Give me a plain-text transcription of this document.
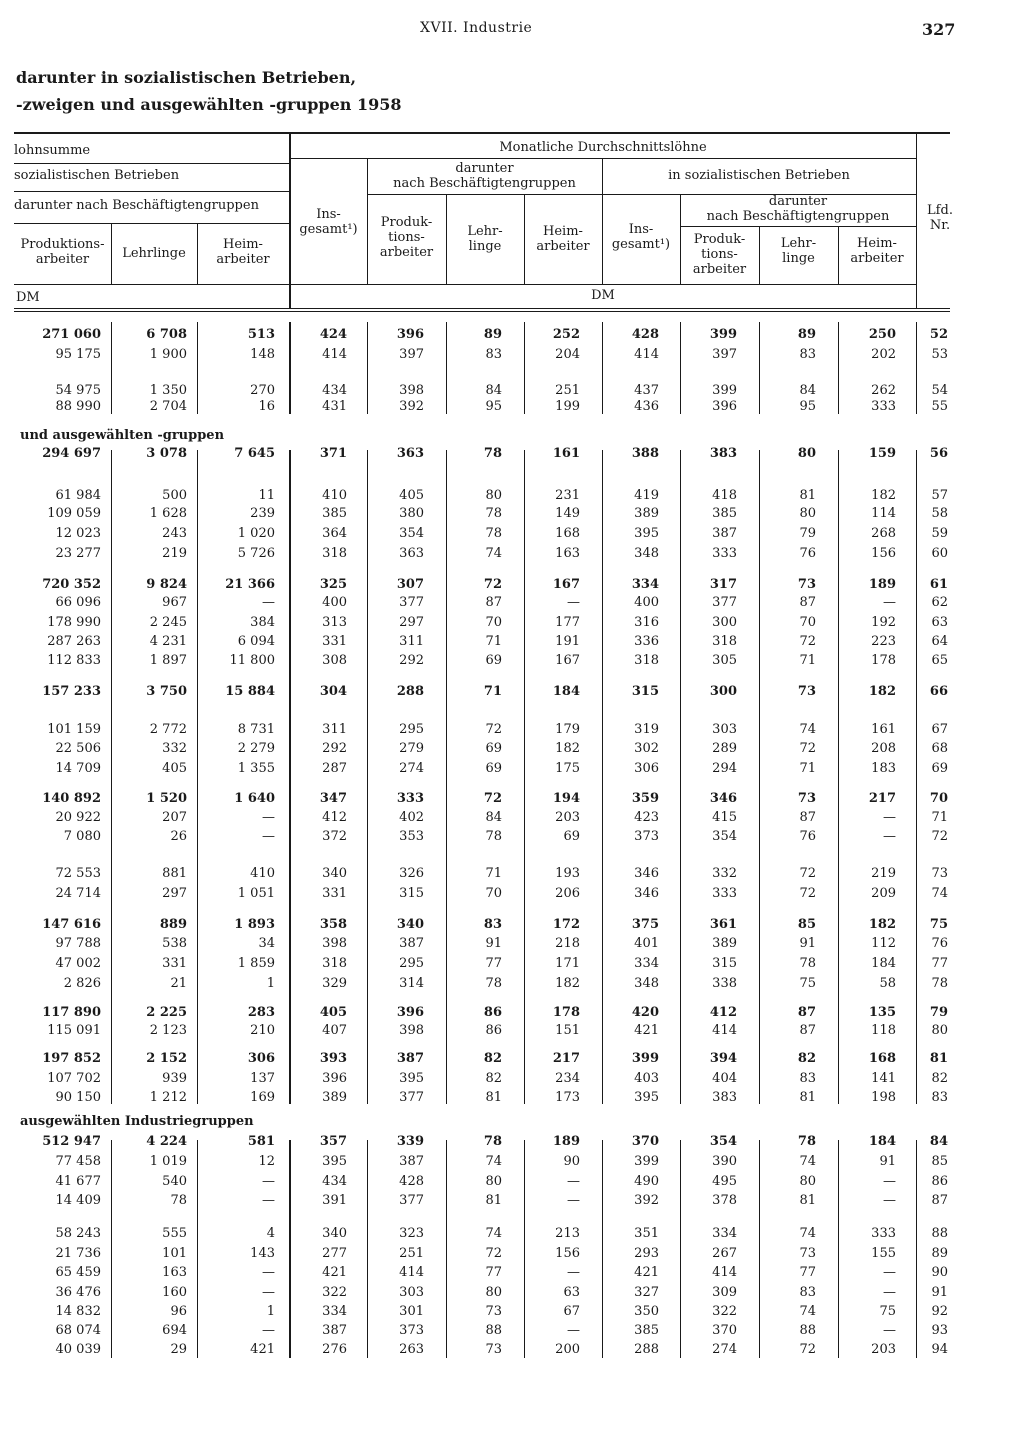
XVII. Industrie	327
darunter in sozialistischen Betrieben,
-zweigen und ausgewählten -gruppen 1958
lohnsumme
sozialistischen Betrieben
darunter nach Beschäftigtengruppen
Produktions-
arbeiter	Lehrlinge
Heim-
arbeiter
DM
Monatliche Durchschnittslöhne
Ins-
gesamt¹)
darunter
nach Beschäftigtengruppen
Produk-
tions-
arbeiter
Lehr-
linge
Heim-
arbeiter
in sozialistischen Betrieben
Ins-
gesamt¹)
darunter
nach Beschäftigtengruppen
Produk-
tions-
arbeiter
Lehr-
linge
Heim-
arbeiter
Lfd.
Nr.
DM
und ausgewählten -gruppen
ausgewählten Industriegruppen
271 060	6 708	513	424	396	89	252	428	399	89	250	52
95 175	1 900	148	414	397	83	204	414	397	83	202	53
54 975	1 350	270	434	398	84	251	437	399	84	262	54
88 990	2 704	16	431	392	95	199	436	396	95	333	55
294 697	3 078	7 645	371	363	78	161	388	383	80	159	56
61 984	500	11	410	405	80	231	419	418	81	182	57
109 059	1 628	239	385	380	78	149	389	385	80	114	58
12 023	243	1 020	364	354	78	168	395	387	79	268	59
23 277	219	5 726	318	363	74	163	348	333	76	156	60
720 352	9 824	21 366	325	307	72	167	334	317	73	189	61
66 096	967	—	400	377	87	—	400	377	87	—	62
178 990	2 245	384	313	297	70	177	316	300	70	192	63
287 263	4 231	6 094	331	311	71	191	336	318	72	223	64
112 833	1 897	11 800	308	292	69	167	318	305	71	178	65
157 233	3 750	15 884	304	288	71	184	315	300	73	182	66
101 159	2 772	8 731	311	295	72	179	319	303	74	161	67
22 506	332	2 279	292	279	69	182	302	289	72	208	68
14 709	405	1 355	287	274	69	175	306	294	71	183	69
140 892	1 520	1 640	347	333	72	194	359	346	73	217	70
20 922	207	—	412	402	84	203	423	415	87	—	71
7 080	26	—	372	353	78	69	373	354	76	—	72
72 553	881	410	340	326	71	193	346	332	72	219	73
24 714	297	1 051	331	315	70	206	346	333	72	209	74
147 616	889	1 893	358	340	83	172	375	361	85	182	75
97 788	538	34	398	387	91	218	401	389	91	112	76
47 002	331	1 859	318	295	77	171	334	315	78	184	77
2 826	21	1	329	314	78	182	348	338	75	58	78
117 890	2 225	283	405	396	86	178	420	412	87	135	79
115 091	2 123	210	407	398	86	151	421	414	87	118	80
197 852	2 152	306	393	387	82	217	399	394	82	168	81
107 702	939	137	396	395	82	234	403	404	83	141	82
90 150	1 212	169	389	377	81	173	395	383	81	198	83
512 947	4 224	581	357	339	78	189	370	354	78	184	84
77 458	1 019	12	395	387	74	90	399	390	74	91	85
41 677	540	—	434	428	80	—	490	495	80	—	86
14 409	78	—	391	377	81	—	392	378	81	—	87
58 243	555	4	340	323	74	213	351	334	74	333	88
21 736	101	143	277	251	72	156	293	267	73	155	89
65 459	163	—	421	414	77	—	421	414	77	—	90
36 476	160	—	322	303	80	63	327	309	83	—	91
14 832	96	1	334	301	73	67	350	322	74	75	92
68 074	694	—	387	373	88	—	385	370	88	—	93
40 039	29	421	276	263	73	200	288	274	72	203	94
